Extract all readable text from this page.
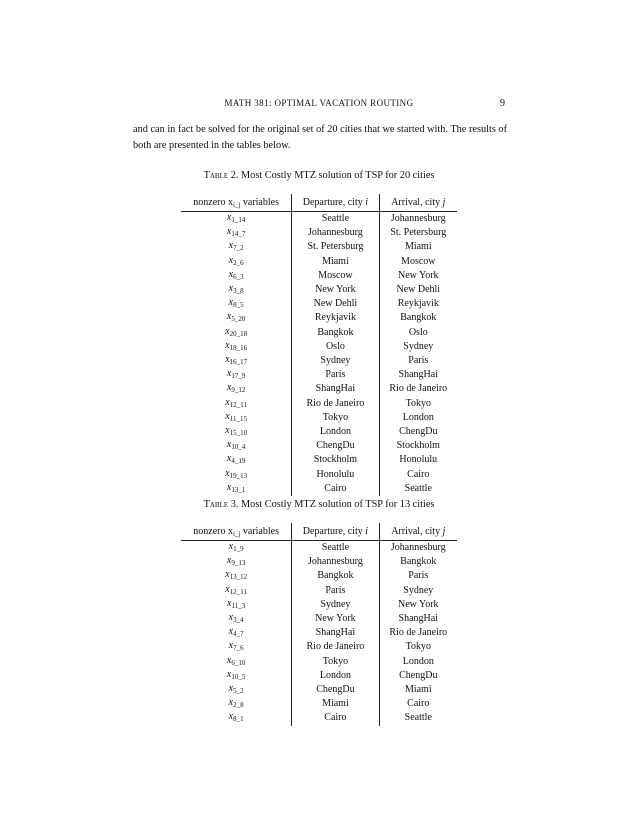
MATH 381: OPTIMAL VACATION ROUTING	9
and can in fact be solved for the original set of 20 cities that we started with. The results of both are presented in the tables below.
Table 2. Most Costly MTZ solution of TSP for 20 cities
nonzero $x_{i\_j}$ variables	Departure, city i	Arrival, city j
$x_{1\_14}$	Seattle	Johannesburg
$x_{14\_7}$	Johannesburg	St. Petersburg
$x_{7\_2}$	St. Petersburg	Miami
$x_{2\_6}$	Miami	Moscow
$x_{6\_3}$	Moscow	New York
$x_{3\_8}$	New York	New Dehli
$x_{8\_5}$	New Dehli	Reykjavik
$x_{5\_20}$	Reykjavik	Bangkok
$x_{20\_18}$	Bangkok	Oslo
$x_{18\_16}$	Oslo	Sydney
$x_{16\_17}$	Sydney	Paris
$x_{17\_9}$	Paris	ShangHai
$x_{9\_12}$	ShangHai	Rio de Janeiro
$x_{12\_11}$	Rio de Janeiro	Tokyo
$x_{11\_15}$	Tokyo	London
$x_{15\_10}$	London	ChengDu
$x_{10\_4}$	ChengDu	Stockholm
$x_{4\_19}$	Stockholm	Honolulu
$x_{19\_13}$	Honolulu	Cairo
$x_{13\_1}$	Cairo	Seattle
Table 3. Most Costly MTZ solution of TSP for 13 cities
nonzero $x_{i\_j}$ variables	Departure, city i	Arrival, city j
$x_{1\_9}$	Seattle	Johannesburg
$x_{9\_13}$	Johannesburg	Bangkok
$x_{13\_12}$	Bangkok	Paris
$x_{12\_11}$	Paris	Sydney
$x_{11\_3}$	Sydney	New York
$x_{3\_4}$	New York	ShangHai
$x_{4\_7}$	ShangHai	Rio de Janeiro
$x_{7\_6}$	Rio de Janeiro	Tokyo
$x_{6\_10}$	Tokyo	London
$x_{10\_5}$	London	ChengDu
$x_{5\_2}$	ChengDu	Miami
$x_{2\_8}$	Miami	Cairo
$x_{8\_1}$	Cairo	Seattle
